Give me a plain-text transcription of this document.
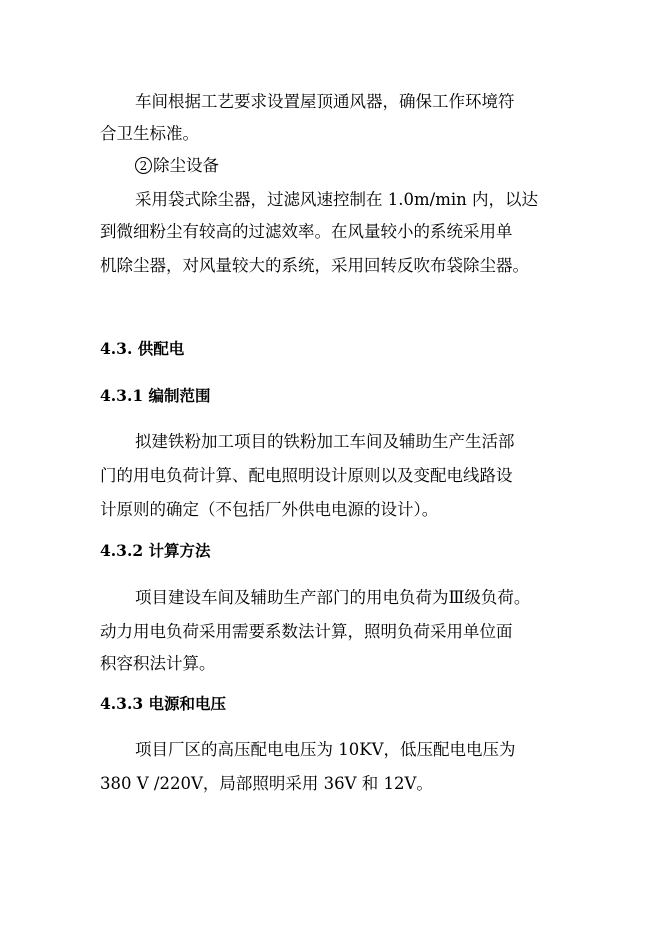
车间根据工艺要求设置屋顶通风器，确保工作环境符
合卫生标准。
2 除尘设备
采用袋式除尘器，过滤风速控制在 1.0m/min 内，以达
到微细粉尘有较高的过滤效率。在风量较小的系统采用单
机除尘器，对风量较大的系统，采用回转反吹布袋除尘器。
4.3. 供配电
4.3.1 编制范围
拟建铁粉加工项目的铁粉加工车间及辅助生产生活部
门的用电负荷计算、配电照明设计原则以及变配电线路设
计原则的确定（不包括厂外供电电源的设计）。
4.3.2 计算方法
项目建设车间及辅助生产部门的用电负荷为Ⅲ级负荷。
动力用电负荷采用需要系数法计算，照明负荷采用单位面
积容积法计算。
4.3.3 电源和电压
项目厂区的高压配电电压为 10KV，低压配电电压为
380 V /220V，局部照明采用 36V 和 12V。
